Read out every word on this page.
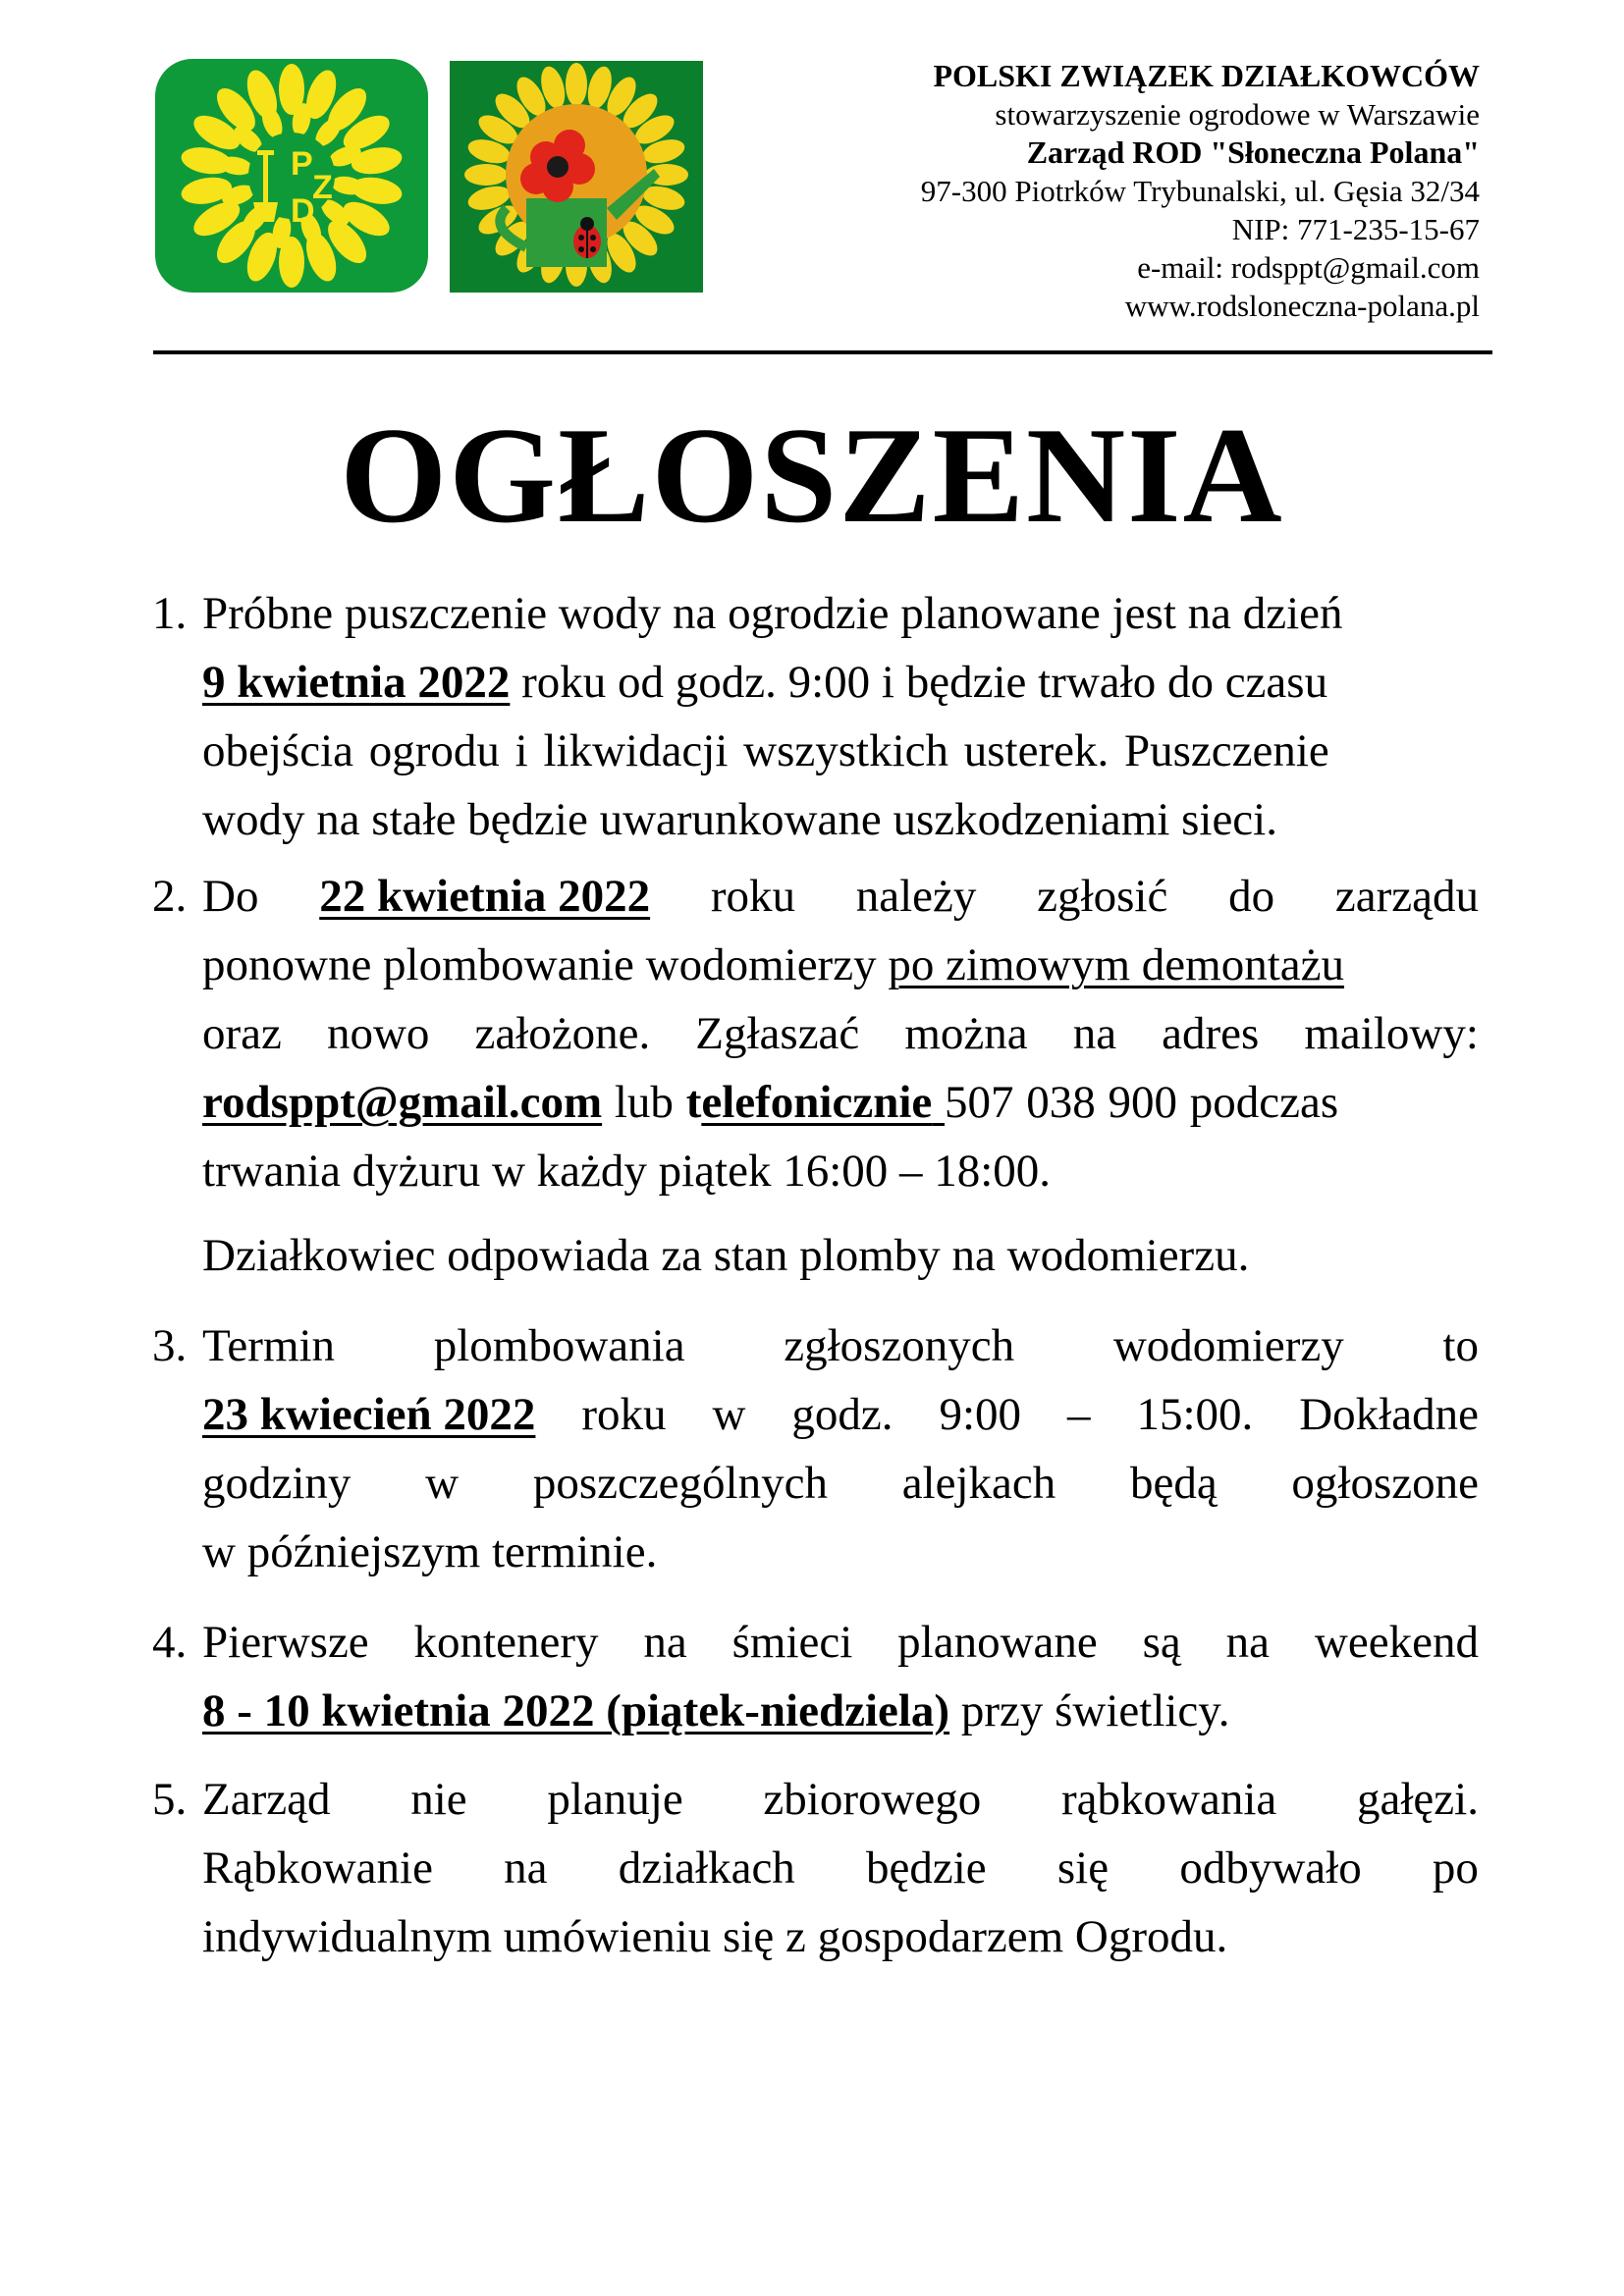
P
Z
D
POLSKI ZWIĄZEK DZIAŁKOWCÓW
stowarzyszenie ogrodowe w Warszawie
Zarząd ROD "Słoneczna Polana"
97-300 Piotrków Trybunalski, ul. Gęsia 32/34
NIP: 771-235-15-67
e-mail: rodsppt@gmail.com
www.rodsloneczna-polana.pl
OGŁOSZENIA
1. Próbne puszczenie wody na ogrodzie planowane jest na dzień
9 kwietnia 2022 roku od godz. 9:00 i będzie trwało do czasu
obejścia ogrodu i likwidacji wszystkich usterek. Puszczenie
wody na stałe będzie uwarunkowane uszkodzeniami sieci.
2. Do 22 kwietnia 2022 roku należy zgłosić do zarządu
ponowne plombowanie wodomierzy po zimowym demontażu
oraz nowo założone. Zgłaszać można na adres mailowy:
rodsppt@gmail.com lub telefonicznie 507 038 900 podczas
trwania dyżuru w każdy piątek 16:00 – 18:00.
Działkowiec odpowiada za stan plomby na wodomierzu.
3. Termin plombowania zgłoszonych wodomierzy to
23 kwiecień 2022 roku w godz. 9:00 – 15:00. Dokładne
godziny w poszczególnych alejkach będą ogłoszone
w późniejszym terminie.
4. Pierwsze kontenery na śmieci planowane są na weekend
8 - 10 kwietnia 2022 (piątek-niedziela) przy świetlicy.
5. Zarząd nie planuje zbiorowego rąbkowania gałęzi.
Rąbkowanie na działkach będzie się odbywało po
indywidualnym umówieniu się z gospodarzem Ogrodu.
